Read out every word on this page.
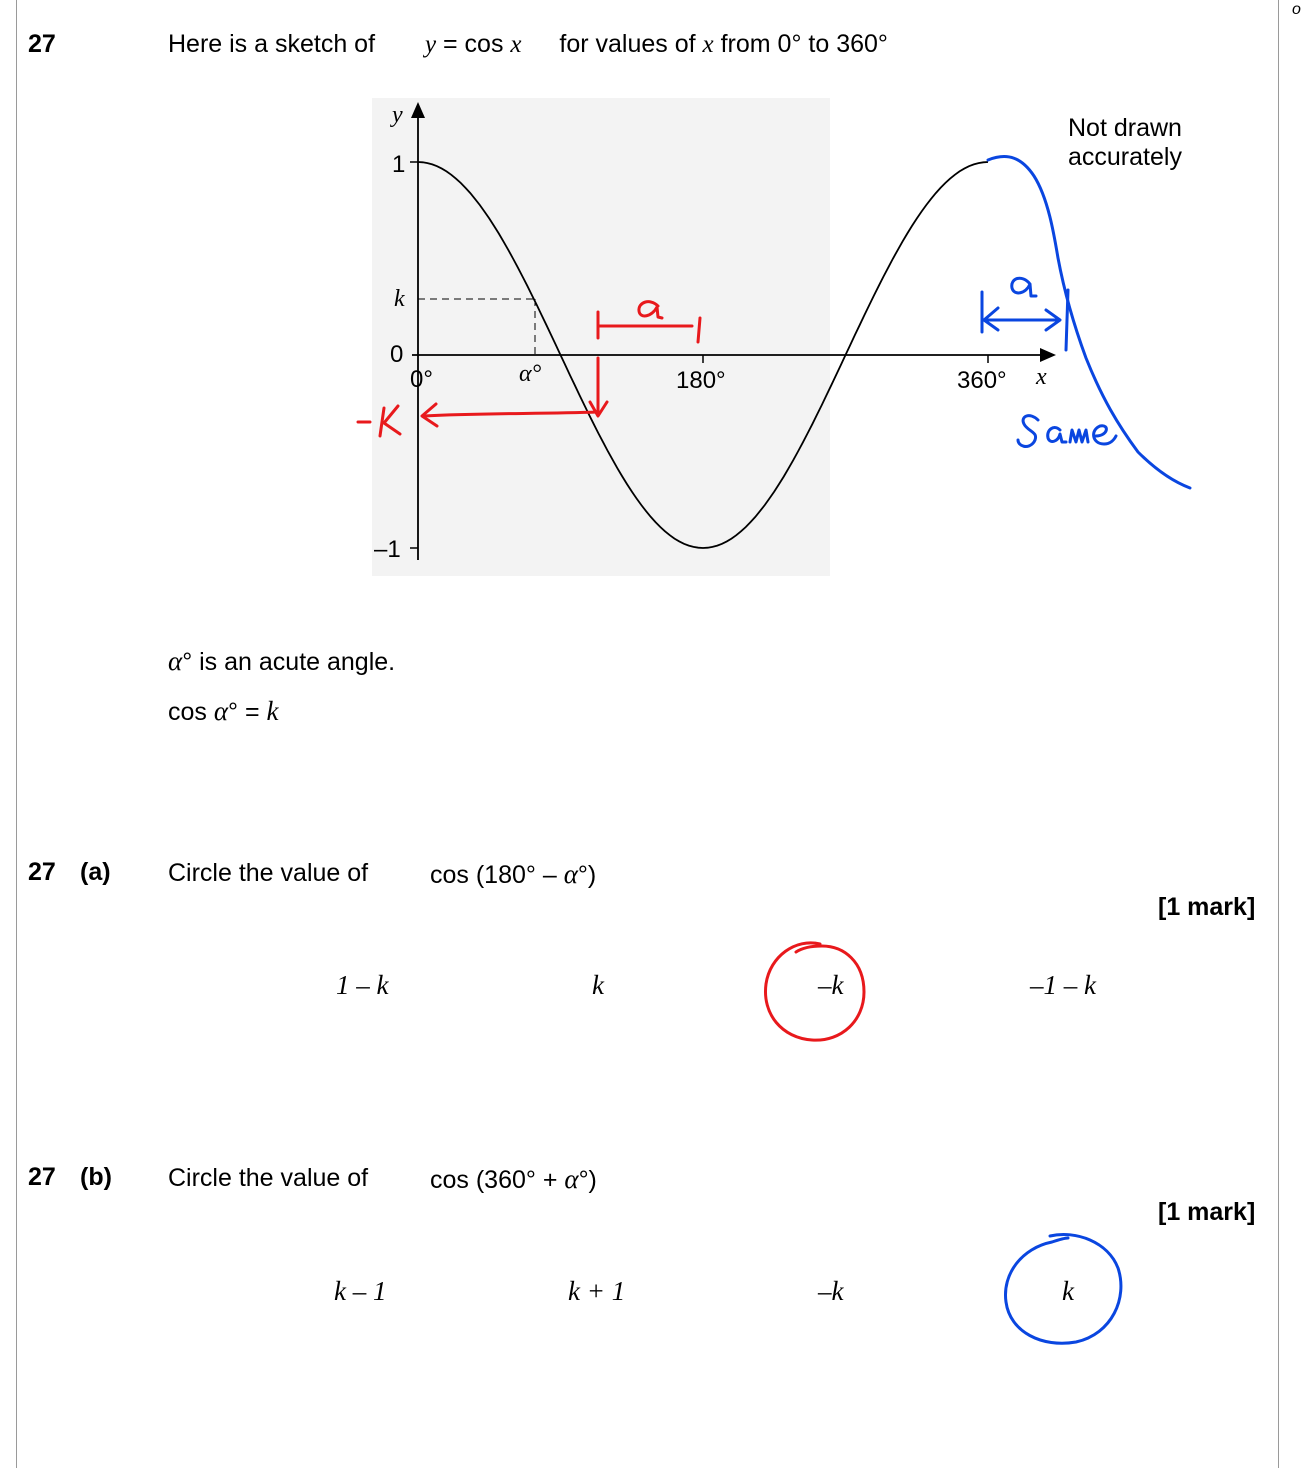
o
27	Here is a sketch of y = cos x for values of x from 0° to 360°
y
1
k
0
–1
0°	α°	180°	360° x
Not drawn
accurately
α° is an acute angle.
cos α° = k
27 (a) Circle the value of cos (180° – α°)
[1 mark]
1 – k	k	–k	–1 – k
27 (b) Circle the value of cos (360° + α°)
[1 mark]
k – 1	k + 1	–k	k
